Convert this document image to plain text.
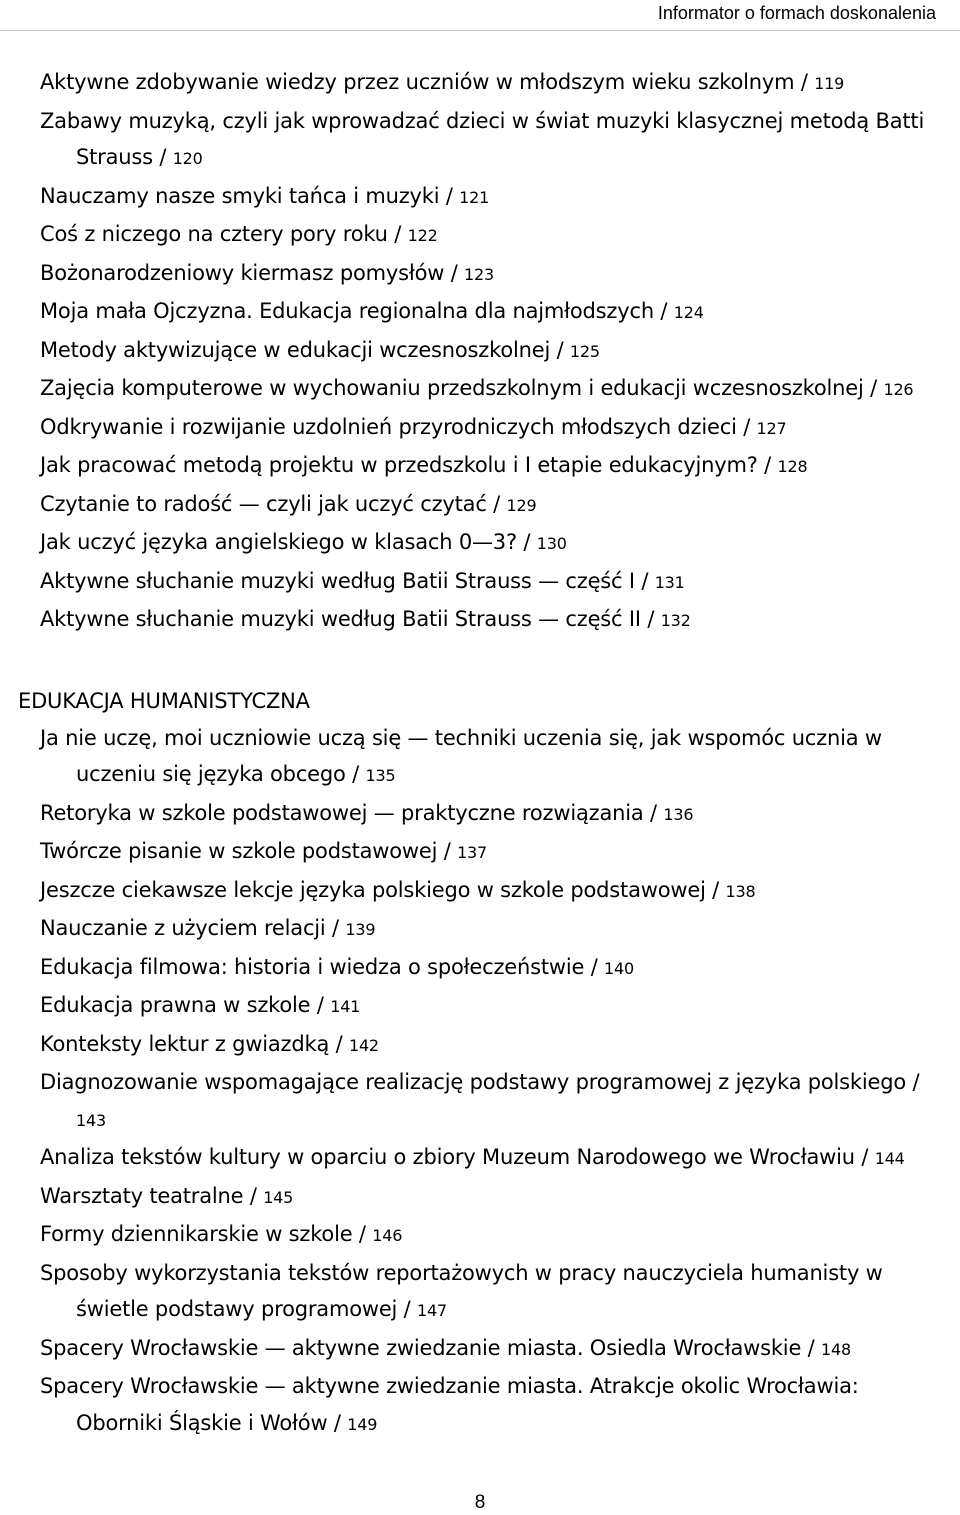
Informator o formach doskonalenia
Aktywne zdobywanie wiedzy przez uczniów w młodszym wieku szkolnym / 119
Zabawy muzyką, czyli jak wprowadzać dzieci w świat muzyki klasycznej metodą Batti Strauss / 120
Nauczamy nasze smyki tańca i muzyki / 121
Coś z niczego na cztery pory roku / 122
Bożonarodzeniowy kiermasz pomysłów / 123
Moja mała Ojczyzna. Edukacja regionalna dla najmłodszych / 124
Metody aktywizujące w edukacji wczesnoszkolnej / 125
Zajęcia komputerowe w wychowaniu przedszkolnym i edukacji wczesnoszkolnej / 126
Odkrywanie i rozwijanie uzdolnień przyrodniczych młodszych dzieci / 127
Jak pracować metodą projektu w przedszkolu i I etapie edukacyjnym? / 128
Czytanie to radość — czyli jak uczyć czytać / 129
Jak uczyć języka angielskiego w klasach 0—3? / 130
Aktywne słuchanie muzyki według Batii Strauss — część I / 131
Aktywne słuchanie muzyki według Batii Strauss — część II / 132
EDUKACJA HUMANISTYCZNA
Ja nie uczę, moi uczniowie uczą się — techniki uczenia się, jak wspomóc ucznia w uczeniu się języka obcego / 135
Retoryka w szkole podstawowej — praktyczne rozwiązania / 136
Twórcze pisanie w szkole podstawowej / 137
Jeszcze ciekawsze lekcje języka polskiego w szkole podstawowej / 138
Nauczanie z użyciem relacji / 139
Edukacja filmowa: historia i wiedza o społeczeństwie / 140
Edukacja prawna w szkole / 141
Konteksty lektur z gwiazdką / 142
Diagnozowanie wspomagające realizację podstawy programowej z języka polskiego / 143
Analiza tekstów kultury w oparciu o zbiory Muzeum Narodowego we Wrocławiu / 144
Warsztaty teatralne / 145
Formy dziennikarskie w szkole / 146
Sposoby wykorzystania tekstów reportażowych w pracy nauczyciela humanisty w świetle podstawy programowej / 147
Spacery Wrocławskie — aktywne zwiedzanie miasta. Osiedla Wrocławskie / 148
Spacery Wrocławskie — aktywne zwiedzanie miasta. Atrakcje okolic Wrocławia: Oborniki Śląskie i Wołów / 149
8
